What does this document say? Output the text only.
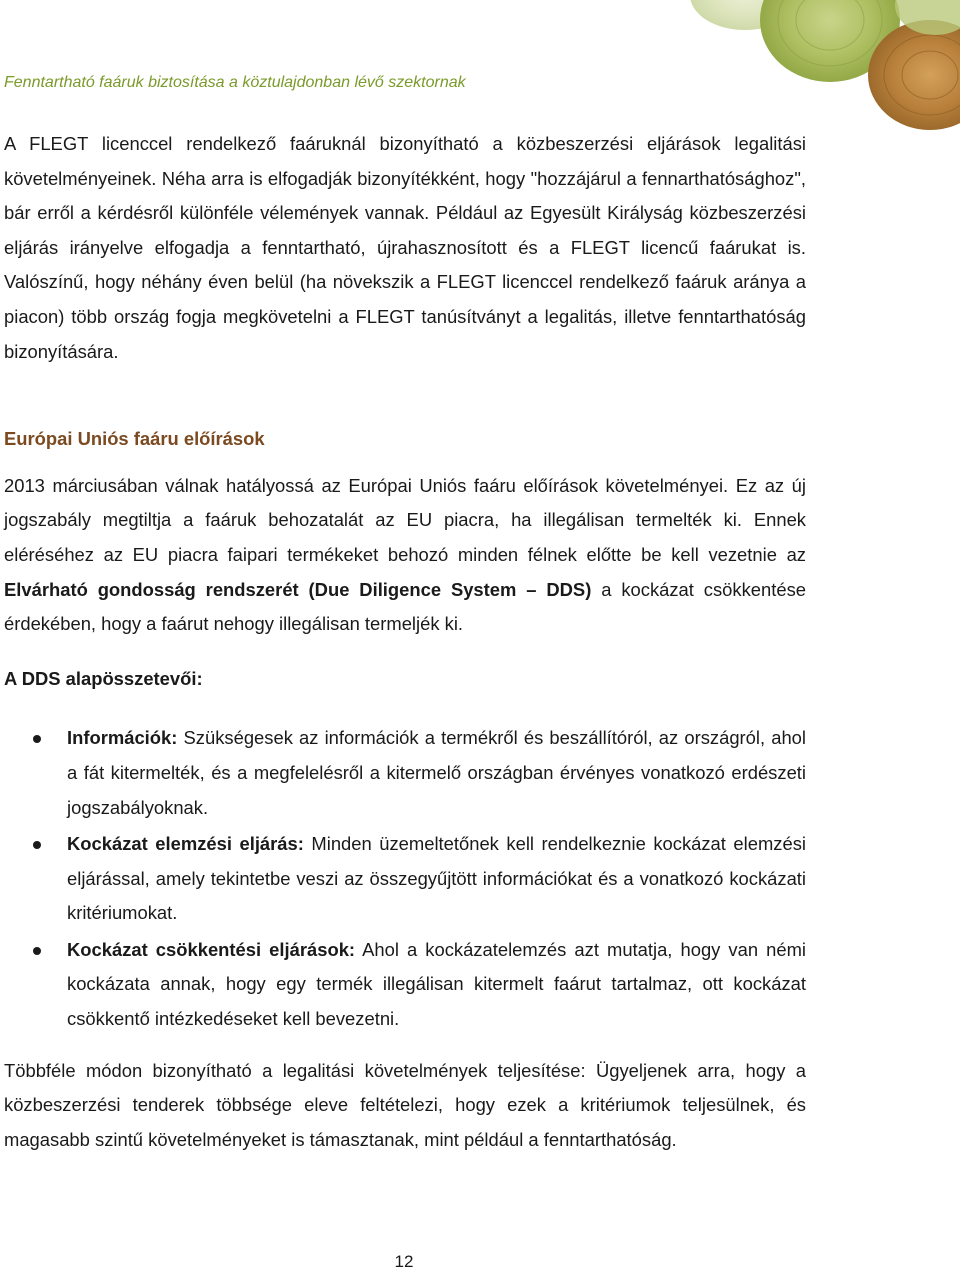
Fenntartható faáruk biztosítása a köztulajdonban lévő szektornak

A FLEGT licenccel rendelkező faáruknál bizonyítható a közbeszerzési eljárások legalitási követelményeinek. Néha arra is elfogadják bizonyítékként, hogy "hozzájárul a fennarthatósághoz", bár erről a kérdésről különféle vélemények vannak. Például az Egyesült Királyság közbeszerzési eljárás irányelve elfogadja a fenntartható, újrahasznosított és a FLEGT licencű faárukat is. Valószínű, hogy néhány éven belül (ha növekszik a FLEGT licenccel rendelkező faáruk aránya a piacon) több ország fogja megkövetelni a FLEGT tanúsítványt a legalitás, illetve fenntarthatóság bizonyítására.

Európai Uniós faáru előírások

2013 márciusában válnak hatályossá az Európai Uniós faáru előírások követelményei. Ez az új jogszabály megtiltja a faáruk behozatalát az EU piacra, ha illegálisan termelték ki. Ennek eléréséhez az EU piacra faipari termékeket behozó minden félnek előtte be kell vezetnie az Elvárható gondosság rendszerét (Due Diligence System – DDS) a kockázat csökkentése érdekében, hogy a faárut nehogy illegálisan termeljék ki.

A DDS alapösszetevői:
Információk: Szükségesek az információk a termékről és beszállítóról, az országról, ahol a fát kitermelték, és a megfelelésről a kitermelő országban érvényes vonatkozó erdészeti jogszabályoknak.
Kockázat elemzési eljárás: Minden üzemeltetőnek kell rendelkeznie kockázat elemzési eljárással, amely tekintetbe veszi az összegyűjtött információkat és a vonatkozó kockázati kritériumokat.
Kockázat csökkentési eljárások: Ahol a kockázatelemzés azt mutatja, hogy van némi kockázata annak, hogy egy termék illegálisan kitermelt faárut tartalmaz, ott kockázat csökkentő intézkedéseket kell bevezetni.

Többféle módon bizonyítható a legalitási követelmények teljesítése: Ügyeljenek arra, hogy a közbeszerzési tenderek többsége eleve feltételezi, hogy ezek a kritériumok teljesülnek, és magasabb szintű követelményeket is támasztanak, mint például a fenntarthatóság.

12
